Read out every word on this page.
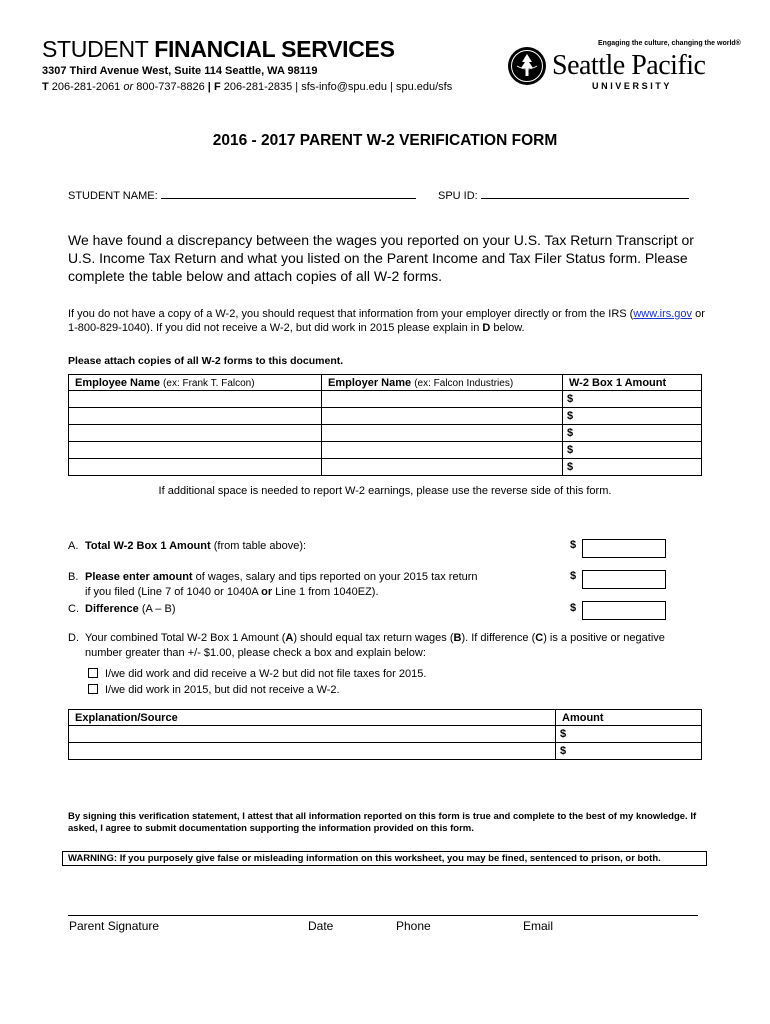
STUDENT FINANCIAL SERVICES
3307 Third Avenue West, Suite 114 Seattle, WA 98119
T 206-281-2061 or 800-737-8826 | F 206-281-2835 | sfs-info@spu.edu | spu.edu/sfs
Engaging the culture, changing the world®
Seattle Pacific
UNIVERSITY
2016 - 2017 PARENT W-2 VERIFICATION FORM
STUDENT NAME:	SPU ID:
We have found a discrepancy between the wages you reported on your U.S. Tax Return Transcript or U.S. Income Tax Return and what you listed on the Parent Income and Tax Filer Status form. Please complete the table below and attach copies of all W-2 forms.
If you do not have a copy of a W-2, you should request that information from your employer directly or from the IRS (www.irs.gov or 1-800-829-1040). If you did not receive a W-2, but did work in 2015 please explain in D below.
Please attach copies of all W-2 forms to this document.
Employee Name (ex: Frank T. Falcon)	Employer Name (ex: Falcon Industries)	W-2 Box 1 Amount
		$
		$
		$
		$
		$
If additional space is needed to report W-2 earnings, please use the reverse side of this form.
A. Total W-2 Box 1 Amount (from table above):	$
B. Please enter amount of wages, salary and tips reported on your 2015 tax return
if you filed (Line 7 of 1040 or 1040A or Line 1 from 1040EZ).
$
C. Difference (A – B)	$
D. Your combined Total W-2 Box 1 Amount (A) should equal tax return wages (B). If difference (C) is a positive or negative
number greater than +/- $1.00, please check a box and explain below:
I/we did work and did receive a W-2 but did not file taxes for 2015.
I/we did work in 2015, but did not receive a W-2.
Explanation/Source	Amount
	$
	$
By signing this verification statement, I attest that all information reported on this form is true and complete to the best of my knowledge. If asked, I agree to submit documentation supporting the information provided on this form.
WARNING: If you purposely give false or misleading information on this worksheet, you may be fined, sentenced to prison, or both.
Parent Signature	Date	Phone	Email
